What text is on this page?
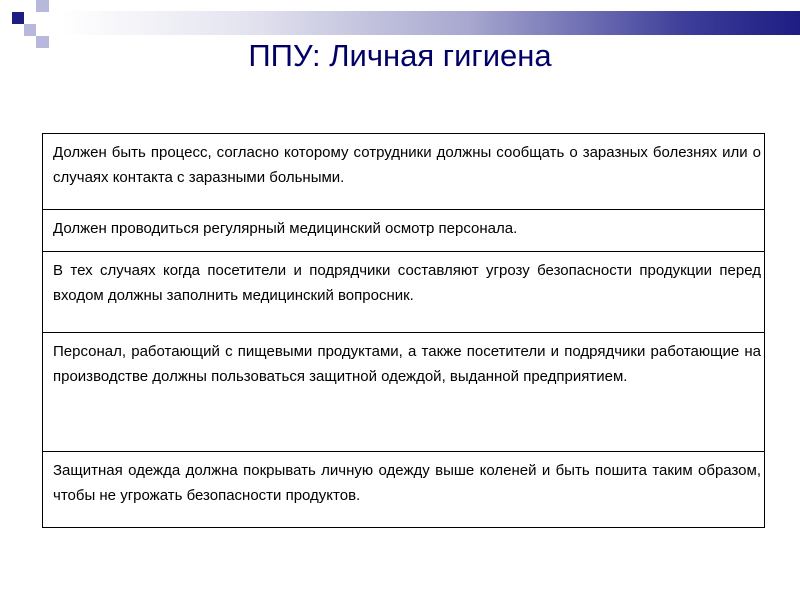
ППУ: Личная гигиена
Должен быть процесс, согласно которому сотрудники должны сообщать о заразных болезнях или о случаях контакта с заразными больными.
Должен проводиться регулярный медицинский осмотр персонала.
В тех случаях когда посетители и подрядчики составляют угрозу безопасности продукции перед входом должны заполнить медицинский вопросник.
Персонал, работающий с пищевыми продуктами, а также посетители и подрядчики работающие на производстве должны пользоваться защитной одеждой, выданной предприятием.
Защитная одежда должна покрывать личную одежду выше коленей и быть пошита таким образом, чтобы не угрожать безопасности продуктов.
